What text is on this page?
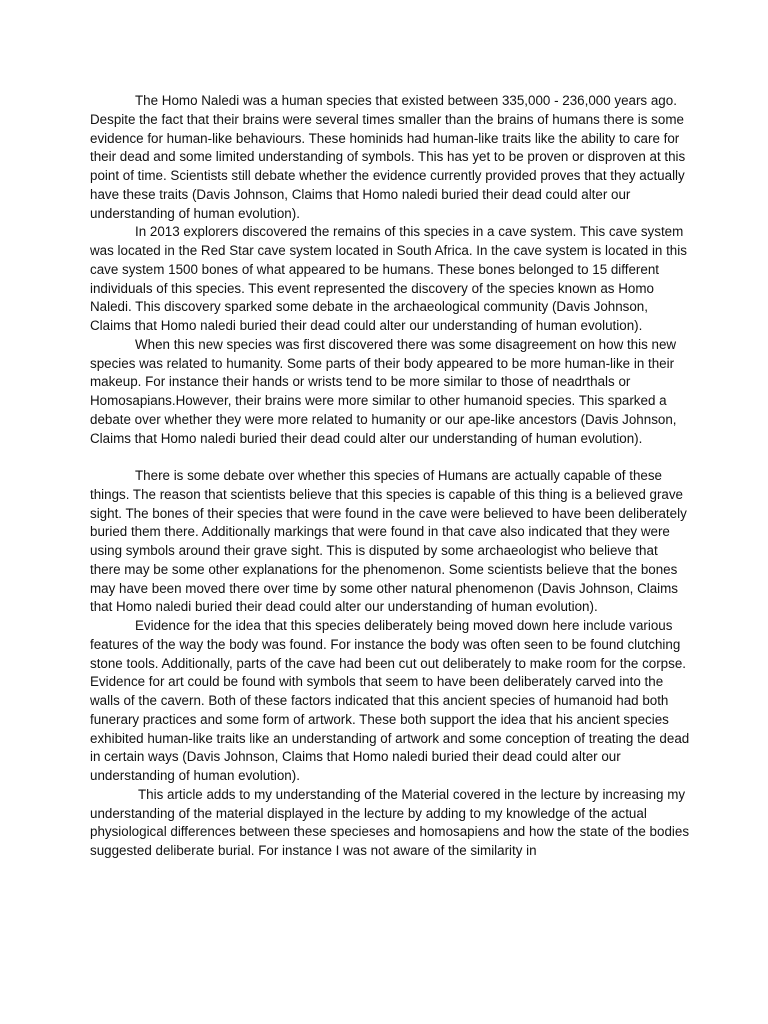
The Homo Naledi was a human species that existed between 335,000 - 236,000 years ago. Despite the fact that their brains were several times smaller than the brains of humans there is some evidence for human-like behaviours. These hominids had human-like traits like the ability to care for their dead and some limited understanding of symbols. This has yet to be proven or disproven at this point of time. Scientists still debate whether the evidence currently provided proves that they actually have these traits (Davis Johnson, Claims that Homo naledi buried their dead could alter our understanding of human evolution).

In 2013 explorers discovered the remains of this species in a cave system. This cave system was located in the Red Star cave system located in South Africa. In the cave system is located in this cave system 1500 bones of what appeared to be humans. These bones belonged to 15 different individuals of this species. This event represented the discovery of the species known as Homo Naledi. This discovery sparked some debate in the archaeological community (Davis Johnson, Claims that Homo naledi buried their dead could alter our understanding of human evolution).

When this new species was first discovered there was some disagreement on how this new species was related to humanity. Some parts of their body appeared to be more human-like in their makeup. For instance their hands or wrists tend to be more similar to those of neadrthals or Homosapians.However, their brains were more similar to other humanoid species. This sparked a debate over whether they were more related to humanity or our ape-like ancestors (Davis Johnson, Claims that Homo naledi buried their dead could alter our understanding of human evolution).

There is some debate over whether this species of Humans are actually capable of these things. The reason that scientists believe that this species is capable of this thing is a believed grave sight. The bones of their species that were found in the cave were believed to have been deliberately buried them there. Additionally markings that were found in that cave also indicated that they were using symbols around their grave sight. This is disputed by some archaeologist who believe that there may be some other explanations for the phenomenon. Some scientists believe that the bones may have been moved there over time by some other natural phenomenon (Davis Johnson, Claims that Homo naledi buried their dead could alter our understanding of human evolution).

Evidence for the idea that this species deliberately being moved down here include various features of the way the body was found. For instance the body was often seen to be found clutching stone tools. Additionally, parts of the cave had been cut out deliberately to make room for the corpse. Evidence for art could be found with symbols that seem to have been deliberately carved into the walls of the cavern. Both of these factors indicated that this ancient species of humanoid had both funerary practices and some form of artwork. These both support the idea that his ancient species exhibited human-like traits like an understanding of artwork and some conception of treating the dead in certain ways (Davis Johnson, Claims that Homo naledi buried their dead could alter our understanding of human evolution).

This article adds to my understanding of the Material covered in the lecture by increasing my understanding of the material displayed in the lecture by adding to my knowledge of the actual physiological differences between these specieses and homosapiens and how the state of the bodies suggested deliberate burial. For instance I was not aware of the similarity in
